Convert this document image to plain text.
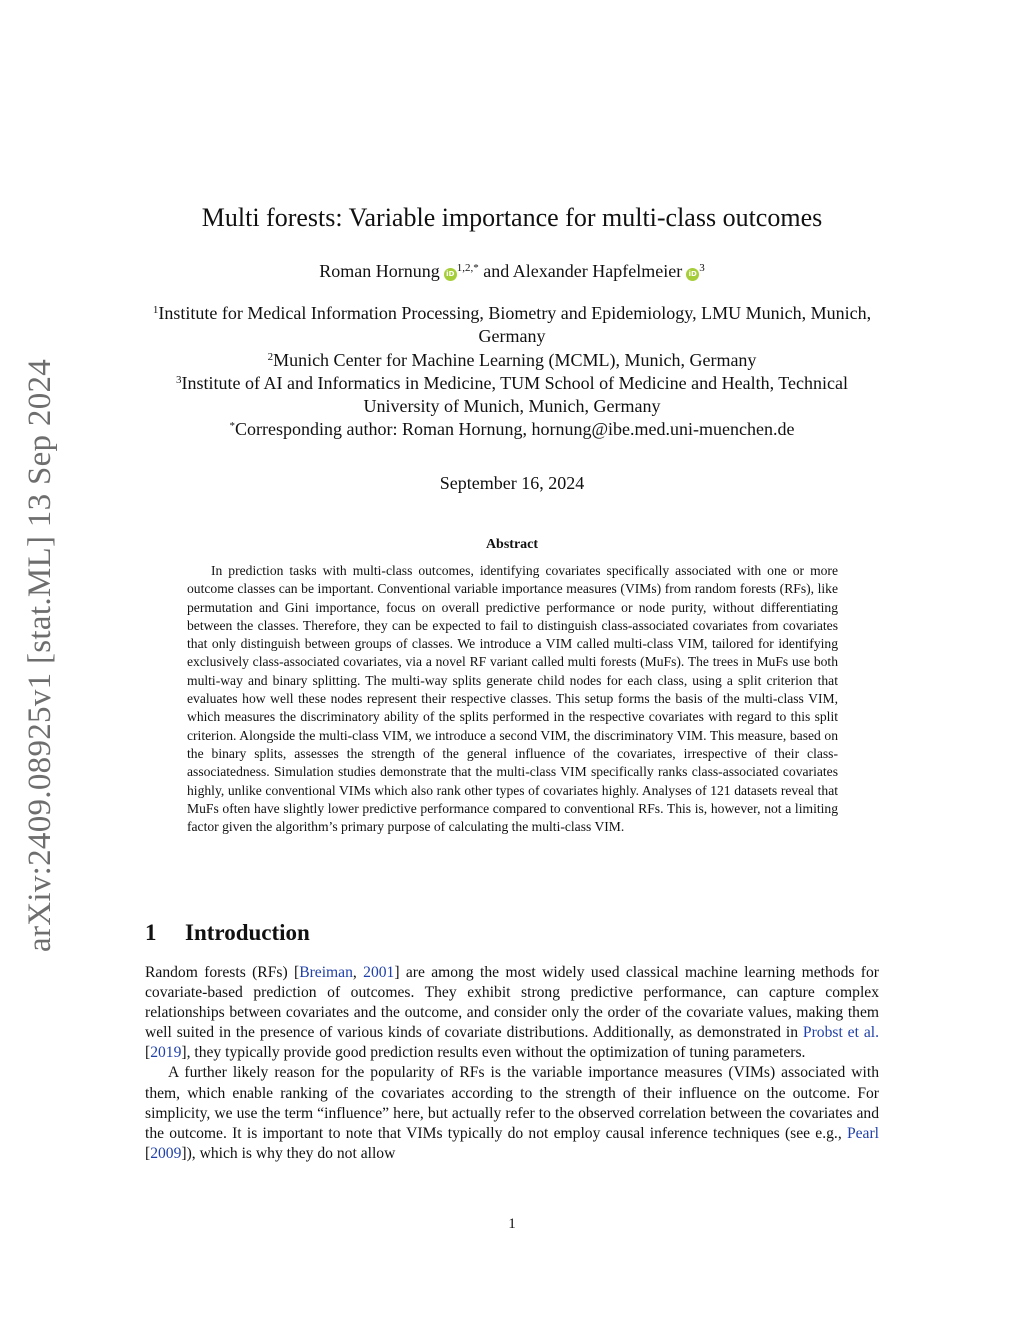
arXiv:2409.08925v1 [stat.ML] 13 Sep 2024
Multi forests: Variable importance for multi-class outcomes
Roman Hornung iD $^{1,2,*}$ and Alexander Hapfelmeier iD $^3$
$^1$Institute for Medical Information Processing, Biometry and Epidemiology, LMU Munich, Munich, Germany
$^2$Munich Center for Machine Learning (MCML), Munich, Germany
$^3$Institute of AI and Informatics in Medicine, TUM School of Medicine and Health, Technical University of Munich, Munich, Germany
*Corresponding author: Roman Hornung, hornung@ibe.med.uni-muenchen.de
September 16, 2024
Abstract
In prediction tasks with multi-class outcomes, identifying covariates specifically associated with one or more outcome classes can be important. Conventional variable importance measures (VIMs) from random forests (RFs), like permutation and Gini importance, focus on overall predictive performance or node purity, without differentiating between the classes. Therefore, they can be expected to fail to distinguish class-associated covariates from covariates that only distinguish between groups of classes. We introduce a VIM called multi-class VIM, tailored for identifying exclusively class-associated covariates, via a novel RF variant called multi forests (MuFs). The trees in MuFs use both multi-way and binary splitting. The multi-way splits generate child nodes for each class, using a split criterion that evaluates how well these nodes represent their respective classes. This setup forms the basis of the multi-class VIM, which measures the discriminatory ability of the splits performed in the respective covariates with regard to this split criterion. Alongside the multi-class VIM, we introduce a second VIM, the discriminatory VIM. This measure, based on the binary splits, assesses the strength of the general influence of the covariates, irrespective of their class-associatedness. Simulation studies demonstrate that the multi-class VIM specifically ranks class-associated covariates highly, unlike conventional VIMs which also rank other types of covariates highly. Analyses of 121 datasets reveal that MuFs often have slightly lower predictive performance compared to conventional RFs. This is, however, not a limiting factor given the algorithm’s primary purpose of calculating the multi-class VIM.
1 Introduction

Random forests (RFs) [Breiman, 2001] are among the most widely used classical machine learning methods for covariate-based prediction of outcomes. They exhibit strong predictive performance, can capture complex relationships between covariates and the outcome, and consider only the order of the covariate values, making them well suited in the presence of various kinds of covariate distributions. Additionally, as demonstrated in Probst et al. [2019], they typically provide good prediction results even without the optimization of tuning parameters.

A further likely reason for the popularity of RFs is the variable importance measures (VIMs) associated with them, which enable ranking of the covariates according to the strength of their influence on the outcome. For simplicity, we use the term “influence” here, but actually refer to the observed correlation between the covariates and the outcome. It is important to note that VIMs typically do not employ causal inference techniques (see e.g., Pearl [2009]), which is why they do not allow

1
